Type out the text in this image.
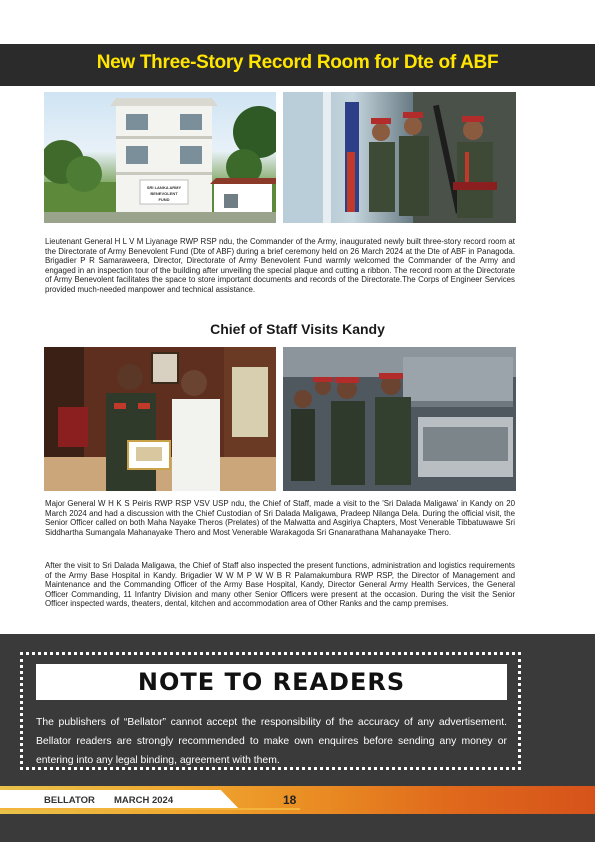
New Three-Story Record Room for Dte of ABF
SRI LANKA ARMY
BENEVOLENT
FUND

Lieutenant General H L V M Liyanage RWP RSP ndu, the Commander of the Army, inaugurated newly built three-story record room at the Directorate of Army Benevolent Fund (Dte of ABF) during a brief ceremony held on 26 March 2024 at the Dte of ABF in Panagoda. Brigadier P R Samaraweera, Director, Directorate of Army Benevolent Fund warmly welcomed the Commander of the Army and engaged in an inspection tour of the building after unveiling the special plaque and cutting a ribbon. The record room at the Directorate of Army Benevolent facilitates the space to store important documents and records of the Directorate.The Corps of Engineer Services provided much-needed manpower and technical assistance.

Chief of Staff Visits Kandy

Major General W H K S Peiris RWP RSP VSV USP ndu, the Chief of Staff, made a visit to the 'Sri Dalada Maligawa' in Kandy on 20 March 2024 and had a discussion with the Chief Custodian of Sri Dalada Maligawa, Pradeep Nilanga Dela. During the official visit, the Senior Officer called on both Maha Nayake Theros (Prelates) of the Malwatta and Asgiriya Chapters, Most Venerable Tibbatuwawe Sri Siddhartha Sumangala Mahanayake Thero and Most Venerable Warakagoda Sri Gnanarathana Mahanayake Thero.

After the visit to Sri Dalada Maligawa, the Chief of Staff also inspected the present functions, administration and logistics requirements of the Army Base Hospital in Kandy. Brigadier W W M P W W B R Palamakumbura RWP RSP, the Director of Management and Maintenance and the Commanding Officer of the Army Base Hospital, Kandy, Director General Army Health Services, the General Officer Commanding, 11 Infantry Division and many other Senior Officers were present at the occasion. During the visit the Senior Officer inspected wards, theaters, dental, kitchen and accommodation area of Other Ranks and the camp premises.

NOTE TO READERS

The publishers of “Bellator” cannot accept the responsibility of the accuracy of any advertisement. Bellator readers are strongly recommended to make own enquires before sending any money or entering into any legal binding, agreement with them.

BELLATOR MARCH 2024	18
